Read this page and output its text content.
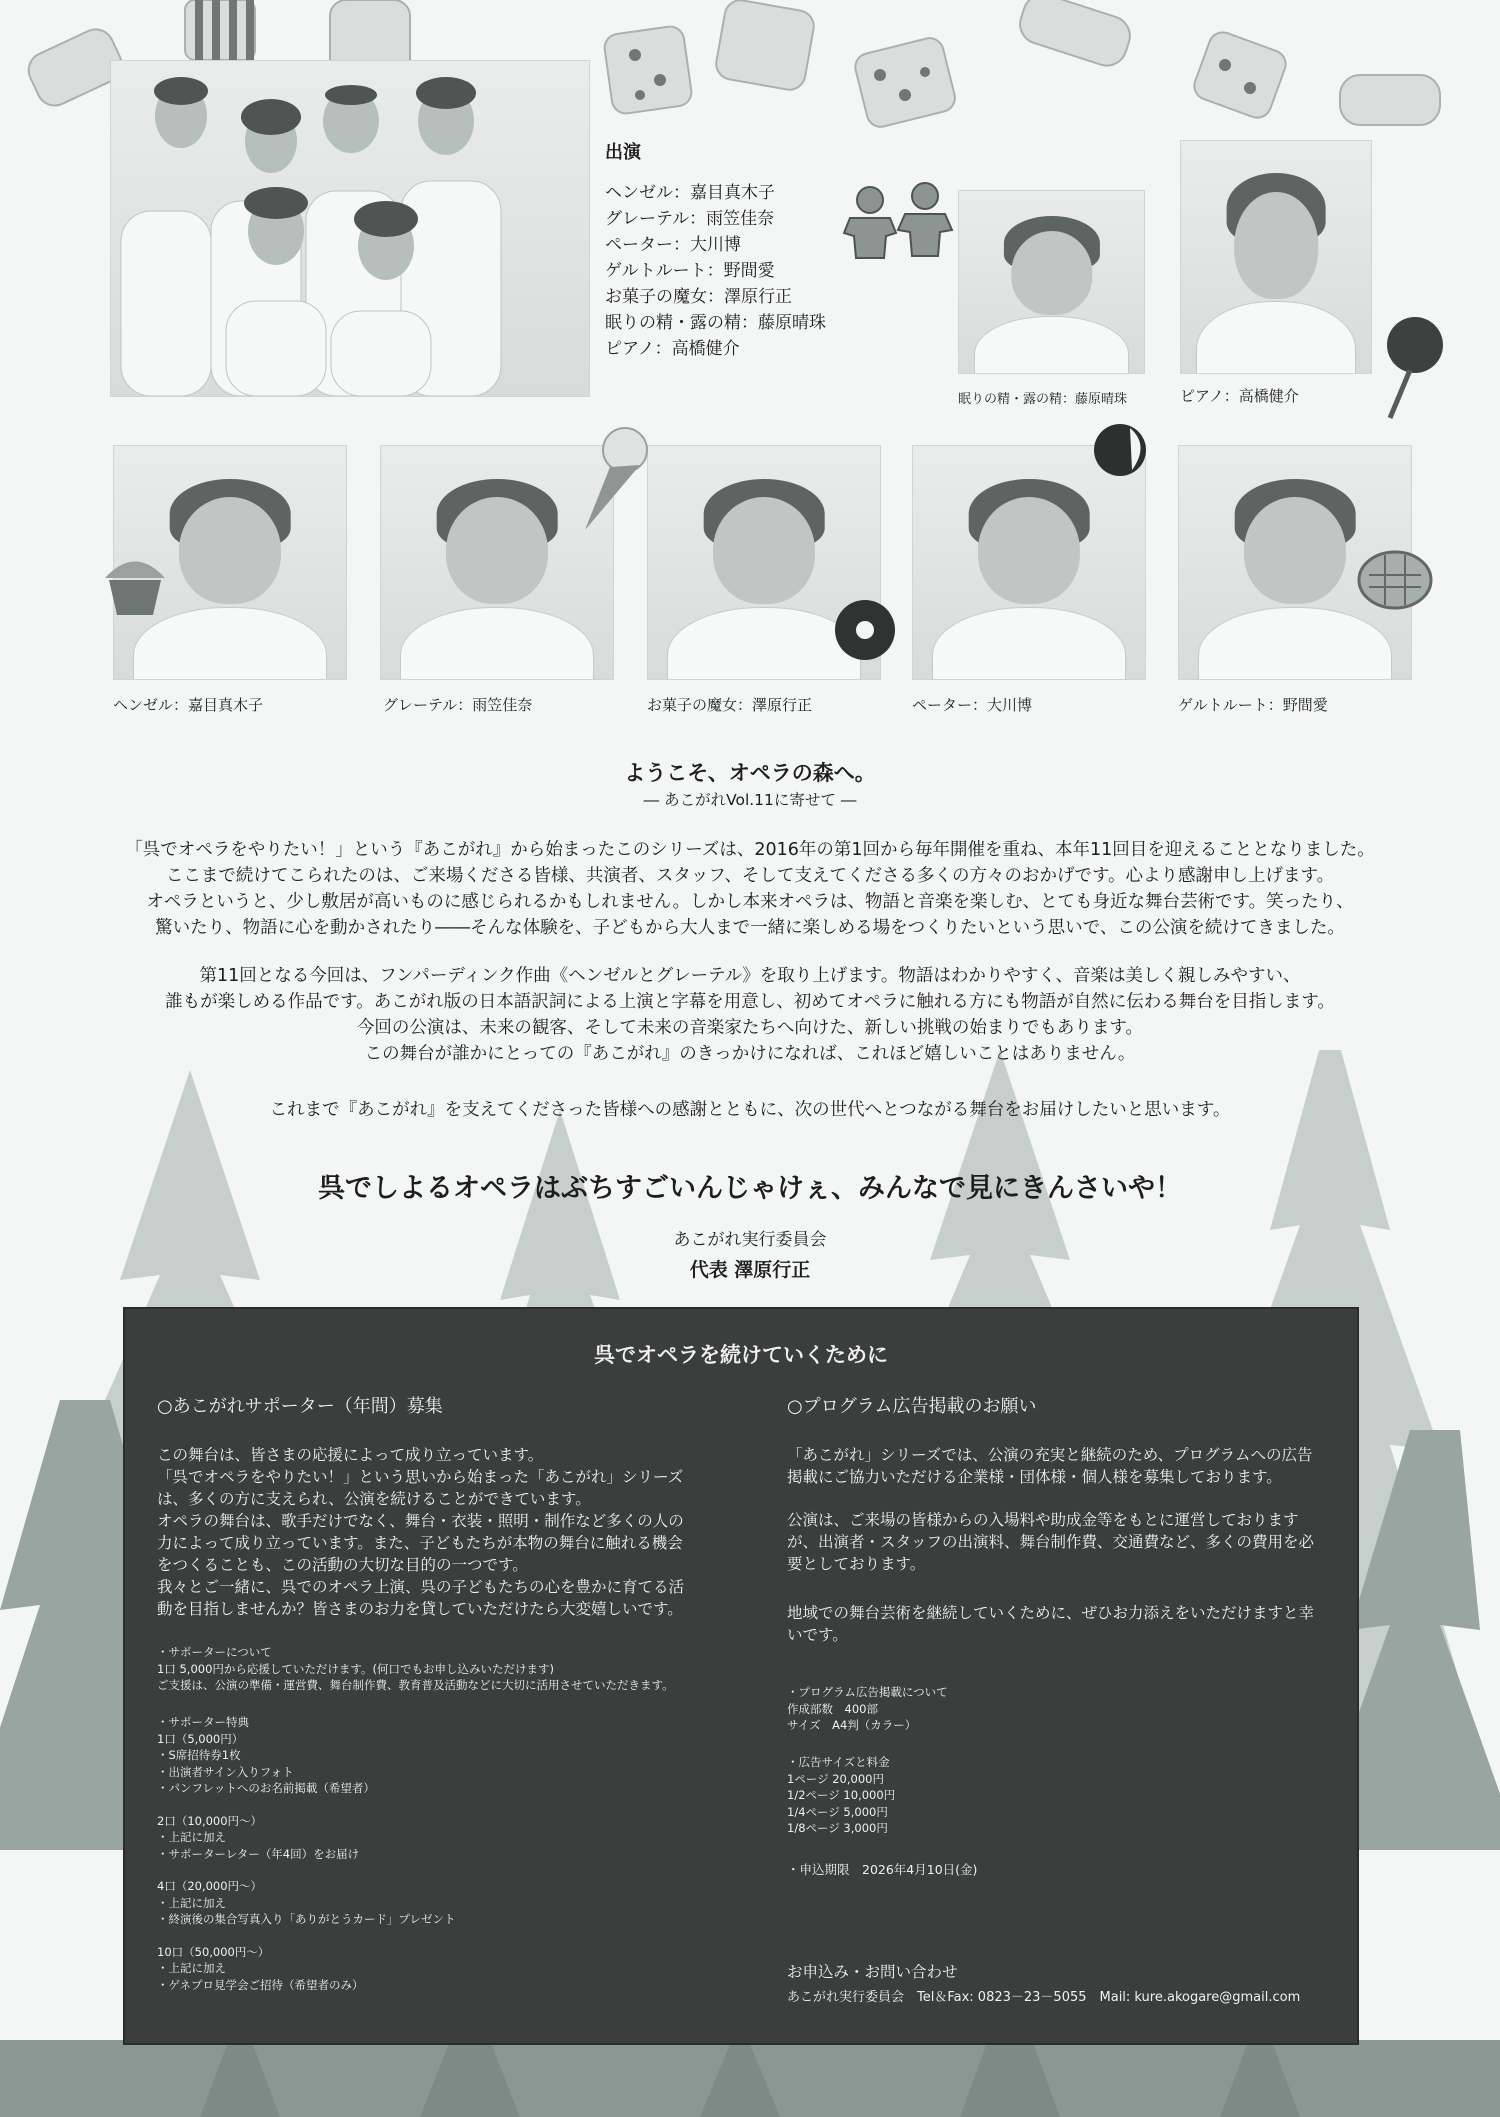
出演
ヘンゼル：嘉目真木子
グレーテル：雨笠佳奈
ペーター：大川博
ゲルトルート：野間愛
お菓子の魔女：澤原行正
眠りの精・露の精：藤原晴珠
ピアノ：高橋健介
眠りの精・露の精：藤原晴珠	ピアノ：高橋健介
ヘンゼル：嘉目真木子	グレーテル：雨笠佳奈	お菓子の魔女：澤原行正	ペーター：大川博	ゲルトルート：野間愛
ようこそ、オペラの森へ。
― あこがれVol.11に寄せて ―

「呉でオペラをやりたい！」という『あこがれ』から始まったこのシリーズは、2016年の第1回から毎年開催を重ね、本年11回目を迎えることとなりました。

ここまで続けてこられたのは、ご来場くださる皆様、共演者、スタッフ、そして支えてくださる多くの方々のおかげです。心より感謝申し上げます。

オペラというと、少し敷居が高いものに感じられるかもしれません。しかし本来オペラは、物語と音楽を楽しむ、とても身近な舞台芸術です。笑ったり、

驚いたり、物語に心を動かされたり――そんな体験を、子どもから大人まで一緒に楽しめる場をつくりたいという思いで、この公演を続けてきました。

第11回となる今回は、フンパーディンク作曲《ヘンゼルとグレーテル》を取り上げます。物語はわかりやすく、音楽は美しく親しみやすい、

誰もが楽しめる作品です。あこがれ版の日本語訳詞による上演と字幕を用意し、初めてオペラに触れる方にも物語が自然に伝わる舞台を目指します。

今回の公演は、未来の観客、そして未来の音楽家たちへ向けた、新しい挑戦の始まりでもあります。

この舞台が誰かにとっての『あこがれ』のきっかけになれば、これほど嬉しいことはありません。

これまで『あこがれ』を支えてくださった皆様への感謝とともに、次の世代へとつながる舞台をお届けしたいと思います。

呉でしよるオペラはぶちすごいんじゃけぇ、みんなで見にきんさいや！
あこがれ実行委員会
代表 澤原行正
呉でオペラを続けていくために
○あこがれサポーター（年間）募集
この舞台は、皆さまの応援によって成り立っています。
「呉でオペラをやりたい！」という思いから始まった「あこがれ」シリーズ
は、多くの方に支えられ、公演を続けることができています。
オペラの舞台は、歌手だけでなく、舞台・衣装・照明・制作など多くの人の
力によって成り立っています。また、子どもたちが本物の舞台に触れる機会
をつくることも、この活動の大切な目的の一つです。
我々とご一緒に、呉でのオペラ上演、呉の子どもたちの心を豊かに育てる活
動を目指しませんか？皆さまのお力を貸していただけたら大変嬉しいです。
・サポーターについて
1口 5,000円から応援していただけます。(何口でもお申し込みいただけます)
ご支援は、公演の準備・運営費、舞台制作費、教育普及活動などに大切に活用させていただきます。
・サポーター特典
1口（5,000円）
・S席招待券1枚
・出演者サイン入りフォト
・パンフレットへのお名前掲載（希望者）
2口（10,000円〜）
・上記に加え
・サポーターレター（年4回）をお届け
4口（20,000円〜）
・上記に加え
・終演後の集合写真入り「ありがとうカード」プレゼント
10口（50,000円〜）
・上記に加え
・ゲネプロ見学会ご招待（希望者のみ）
○プログラム広告掲載のお願い
「あこがれ」シリーズでは、公演の充実と継続のため、プログラムへの広告
掲載にご協力いただける企業様・団体様・個人様を募集しております。
公演は、ご来場の皆様からの入場料や助成金等をもとに運営しております
が、出演者・スタッフの出演料、舞台制作費、交通費など、多くの費用を必
要としております。
地域での舞台芸術を継続していくために、ぜひお力添えをいただけますと幸
いです。
・プログラム広告掲載について
作成部数　400部
サイズ　A4判（カラー）
・広告サイズと料金
1ページ 20,000円
1/2ページ 10,000円
1/4ページ 5,000円
1/8ページ 3,000円
・申込期限　2026年4月10日(金)
お申込み・お問い合わせ
あこがれ実行委員会　Tel＆Fax: 0823－23－5055　Mail: kure.akogare@gmail.com
